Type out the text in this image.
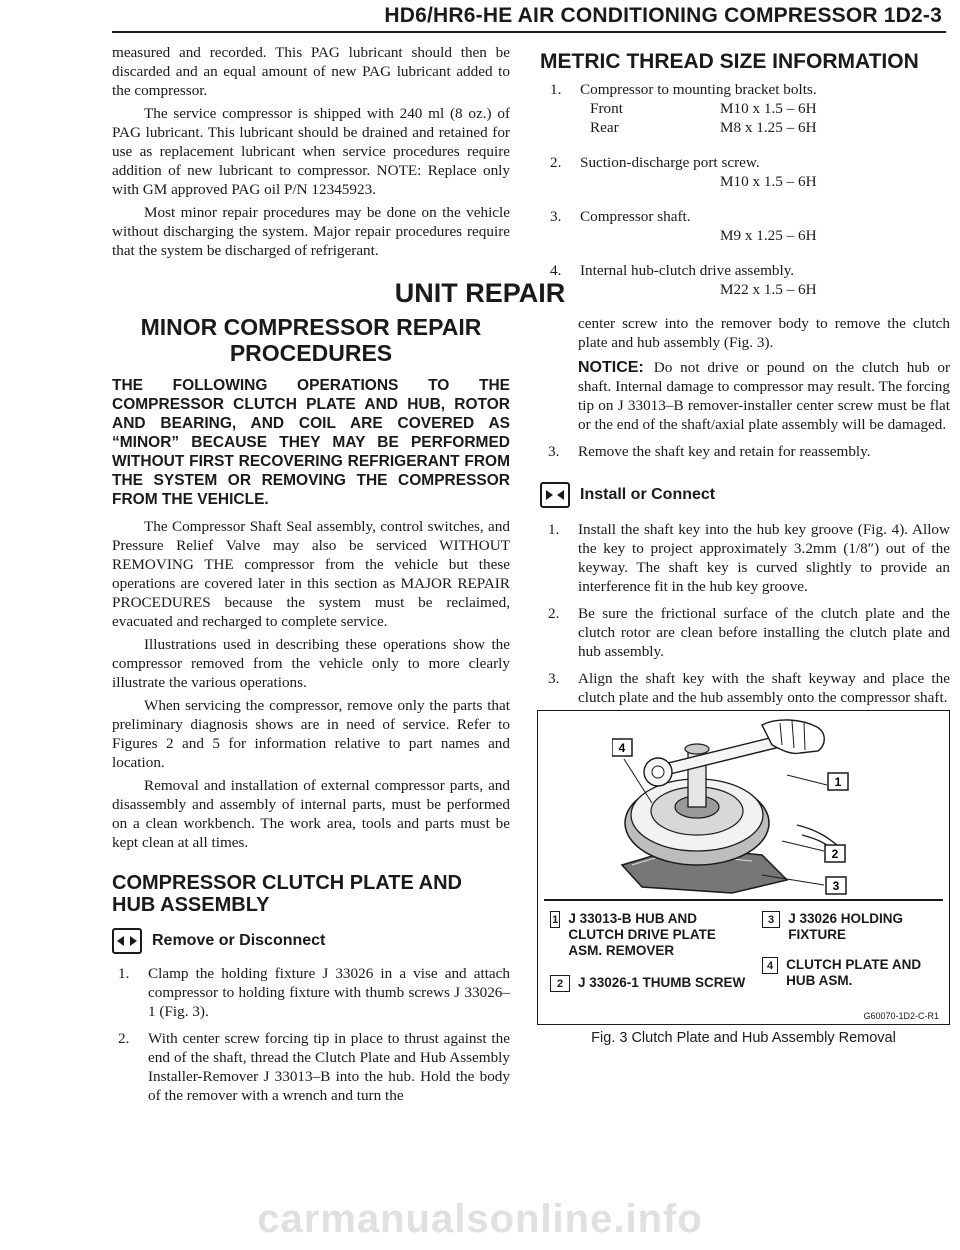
HD6/HR6-HE AIR CONDITIONING COMPRESSOR 1D2-3

measured and recorded. This PAG lubricant should then be discarded and an equal amount of new PAG lubricant added to the compressor.

The service compressor is shipped with 240 ml (8 oz.) of PAG lubricant. This lubricant should be drained and retained for use as replacement lubricant when service procedures require addition of new lubricant to compressor. NOTE: Replace only with GM approved PAG oil P/N 12345923.

Most minor repair procedures may be done on the vehicle without discharging the system. Major repair procedures require that the system be discharged of refrigerant.

METRIC THREAD SIZE INFORMATION
1. Compressor to mounting bracket bolts.
Front	M10 x 1.5 – 6H
Rear	M8 x 1.25 – 6H
2. Suction-discharge port screw.
M10 x 1.5 – 6H
3. Compressor shaft.
M9 x 1.25 – 6H
4. Internal hub-clutch drive assembly.
M22 x 1.5 – 6H
UNIT REPAIR
MINOR COMPRESSOR REPAIR
PROCEDURES
THE FOLLOWING OPERATIONS TO THE COMPRESSOR CLUTCH PLATE AND HUB, ROTOR AND BEARING, AND COIL ARE COVERED AS “MINOR” BECAUSE THEY MAY BE PERFORMED WITHOUT FIRST RECOVERING REFRIGERANT FROM THE SYSTEM OR REMOVING THE COMPRESSOR FROM THE VEHICLE.

The Compressor Shaft Seal assembly, control switches, and Pressure Relief Valve may also be serviced WITHOUT REMOVING THE compressor from the vehicle but these operations are covered later in this section as MAJOR REPAIR PROCEDURES because the system must be reclaimed, evacuated and recharged to complete service.

Illustrations used in describing these operations show the compressor removed from the vehicle only to more clearly illustrate the various operations.

When servicing the compressor, remove only the parts that preliminary diagnosis shows are in need of service. Refer to Figures 2 and 5 for information relative to part names and location.

Removal and installation of external compressor parts, and disassembly and assembly of internal parts, must be performed on a clean workbench. The work area, tools and parts must be kept clean at all times.

COMPRESSOR CLUTCH PLATE AND HUB ASSEMBLY
Remove or Disconnect
1. Clamp the holding fixture J 33026 in a vise and attach compressor to holding fixture with thumb screws J 33026–1 (Fig. 3).
2. With center screw forcing tip in place to thrust against the end of the shaft, thread the Clutch Plate and Hub Assembly Installer-Remover J 33013–B into the hub. Hold the body of the remover with a wrench and turn the

center screw into the remover body to remove the clutch plate and hub assembly (Fig. 3).

NOTICE: Do not drive or pound on the clutch hub or shaft. Internal damage to compressor may result. The forcing tip on J 33013–B remover-installer center screw must be flat or the end of the shaft/axial plate assembly will be damaged.

3. Remove the shaft key and retain for reassembly.
Install or Connect
1. Install the shaft key into the hub key groove (Fig. 4). Allow the key to project approximately 3.2mm (1/8″) out of the keyway. The shaft key is curved slightly to provide an interference fit in the hub key groove.
2. Be sure the frictional surface of the clutch plate and the clutch rotor are clean before installing the clutch plate and hub assembly.
3. Align the shaft key with the shaft keyway and place the clutch plate and the hub assembly onto the compressor shaft.
4
1
2
3
1 J 33013-B HUB AND CLUTCH DRIVE PLATE ASM. REMOVER
2	J 33026-1 THUMB SCREW
3	J 33026 HOLDING FIXTURE
4 CLUTCH PLATE AND HUB ASM.
G60070-1D2-C-R1
Fig. 3 Clutch Plate and Hub Assembly Removal
carmanualsonline.info
